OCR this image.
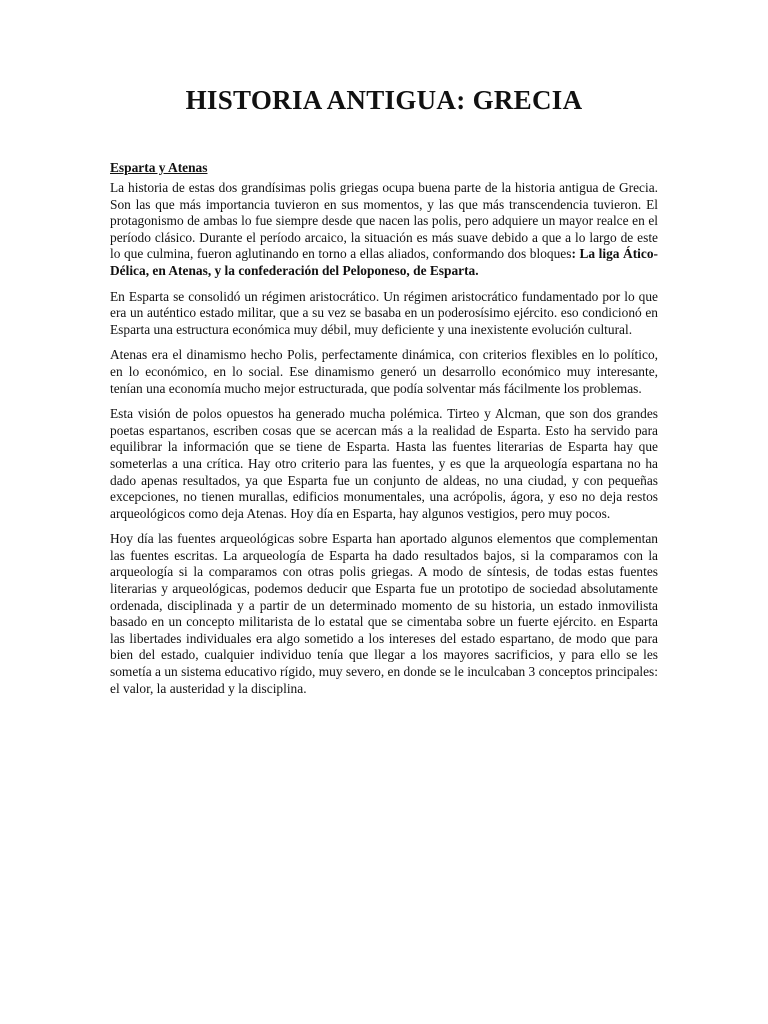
HISTORIA ANTIGUA: GRECIA
Esparta y Atenas

La historia de estas dos grandísimas polis griegas ocupa buena parte de la historia antigua de Grecia. Son las que más importancia tuvieron en sus momentos, y las que más transcendencia tuvieron. El protagonismo de ambas lo fue siempre desde que nacen las polis, pero adquiere un mayor realce en el período clásico. Durante el período arcaico, la situación es más suave debido a que a lo largo de este lo que culmina, fueron aglutinando en torno a ellas aliados, conformando dos bloques: La liga Ático-Délica, en Atenas, y la confederación del Peloponeso, de Esparta.

En Esparta se consolidó un régimen aristocrático. Un régimen aristocrático fundamentado por lo que era un auténtico estado militar, que a su vez se basaba en un poderosísimo ejército. eso condicionó en Esparta una estructura económica muy débil, muy deficiente y una inexistente evolución cultural.

Atenas era el dinamismo hecho Polis, perfectamente dinámica, con criterios flexibles en lo político, en lo económico, en lo social. Ese dinamismo generó un desarrollo económico muy interesante, tenían una economía mucho mejor estructurada, que podía solventar más fácilmente los problemas.

Esta visión de polos opuestos ha generado mucha polémica. Tirteo y Alcman, que son dos grandes poetas espartanos, escriben cosas que se acercan más a la realidad de Esparta. Esto ha servido para equilibrar la información que se tiene de Esparta. Hasta las fuentes literarias de Esparta hay que someterlas a una crítica. Hay otro criterio para las fuentes, y es que la arqueología espartana no ha dado apenas resultados, ya que Esparta fue un conjunto de aldeas, no una ciudad, y con pequeñas excepciones, no tienen murallas, edificios monumentales, una acrópolis, ágora, y eso no deja restos arqueológicos como deja Atenas. Hoy día en Esparta, hay algunos vestigios, pero muy pocos.

Hoy día las fuentes arqueológicas sobre Esparta han aportado algunos elementos que complementan las fuentes escritas. La arqueología de Esparta ha dado resultados bajos, si la comparamos con la arqueología si la comparamos con otras polis griegas. A modo de síntesis, de todas estas fuentes literarias y arqueológicas, podemos deducir que Esparta fue un prototipo de sociedad absolutamente ordenada, disciplinada y a partir de un determinado momento de su historia, un estado inmovilista basado en un concepto militarista de lo estatal que se cimentaba sobre un fuerte ejército. en Esparta las libertades individuales era algo sometido a los intereses del estado espartano, de modo que para bien del estado, cualquier individuo tenía que llegar a los mayores sacrificios, y para ello se les sometía a un sistema educativo rígido, muy severo, en donde se le inculcaban 3 conceptos principales: el valor, la austeridad y la disciplina.
